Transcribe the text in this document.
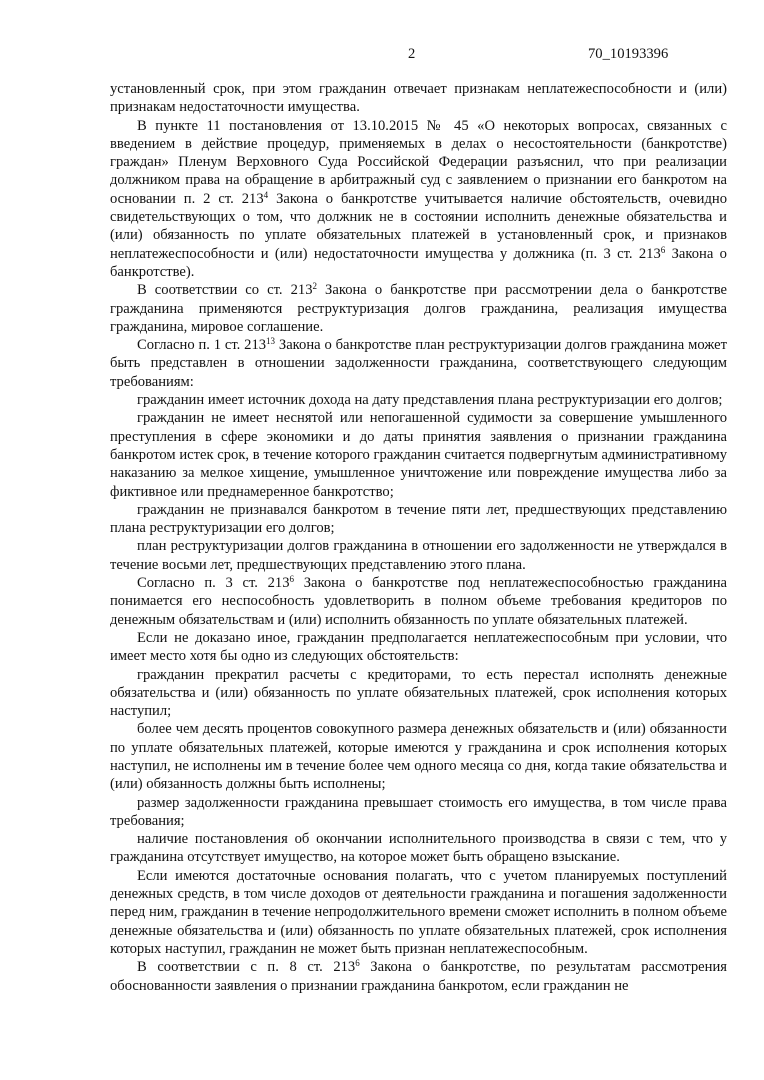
2	70_10193396

установленный срок, при этом гражданин отвечает признакам неплатежеспособности и (или) признакам недостаточности имущества.

В пункте 11 постановления от 13.10.2015 № 45 «О некоторых вопросах, связанных с введением в действие процедур, применяемых в делах о несостоятельности (банкротстве) граждан» Пленум Верховного Суда Российской Федерации разъяснил, что при реализации должником права на обращение в арбитражный суд с заявлением о признании его банкротом на основании п. 2 ст. $213^4$ Закона о банкротстве учитывается наличие обстоятельств, очевидно свидетельствующих о том, что должник не в состоянии исполнить денежные обязательства и (или) обязанность по уплате обязательных платежей в установленный срок, и признаков неплатежеспособности и (или) недостаточности имущества у должника (п. 3 ст. $213^6$ Закона о банкротстве).

В соответствии со ст. $213^2$ Закона о банкротстве при рассмотрении дела о банкротстве гражданина применяются реструктуризация долгов гражданина, реализация имущества гражданина, мировое соглашение.

Согласно п. 1 ст. $213^{13}$ Закона о банкротстве план реструктуризации долгов гражданина может быть представлен в отношении задолженности гражданина, соответствующего следующим требованиям:

гражданин имеет источник дохода на дату представления плана реструктуризации его долгов;

гражданин не имеет неснятой или непогашенной судимости за совершение умышленного преступления в сфере экономики и до даты принятия заявления о признании гражданина банкротом истек срок, в течение которого гражданин считается подвергнутым административному наказанию за мелкое хищение, умышленное уничтожение или повреждение имущества либо за фиктивное или преднамеренное банкротство;

гражданин не признавался банкротом в течение пяти лет, предшествующих представлению плана реструктуризации его долгов;

план реструктуризации долгов гражданина в отношении его задолженности не утверждался в течение восьми лет, предшествующих представлению этого плана.

Согласно п. 3 ст. $213^6$ Закона о банкротстве под неплатежеспособностью гражданина понимается его неспособность удовлетворить в полном объеме требования кредиторов по денежным обязательствам и (или) исполнить обязанность по уплате обязательных платежей.

Если не доказано иное, гражданин предполагается неплатежеспособным при условии, что имеет место хотя бы одно из следующих обстоятельств:

гражданин прекратил расчеты с кредиторами, то есть перестал исполнять денежные обязательства и (или) обязанность по уплате обязательных платежей, срок исполнения которых наступил;

более чем десять процентов совокупного размера денежных обязательств и (или) обязанности по уплате обязательных платежей, которые имеются у гражданина и срок исполнения которых наступил, не исполнены им в течение более чем одного месяца со дня, когда такие обязательства и (или) обязанность должны быть исполнены;

размер задолженности гражданина превышает стоимость его имущества, в том числе права требования;

наличие постановления об окончании исполнительного производства в связи с тем, что у гражданина отсутствует имущество, на которое может быть обращено взыскание.

Если имеются достаточные основания полагать, что с учетом планируемых поступлений денежных средств, в том числе доходов от деятельности гражданина и погашения задолженности перед ним, гражданин в течение непродолжительного времени сможет исполнить в полном объеме денежные обязательства и (или) обязанность по уплате обязательных платежей, срок исполнения которых наступил, гражданин не может быть признан неплатежеспособным.

В соответствии с п. 8 ст. $213^6$ Закона о банкротстве, по результатам рассмотрения обоснованности заявления о признании гражданина банкротом, если гражданин не
